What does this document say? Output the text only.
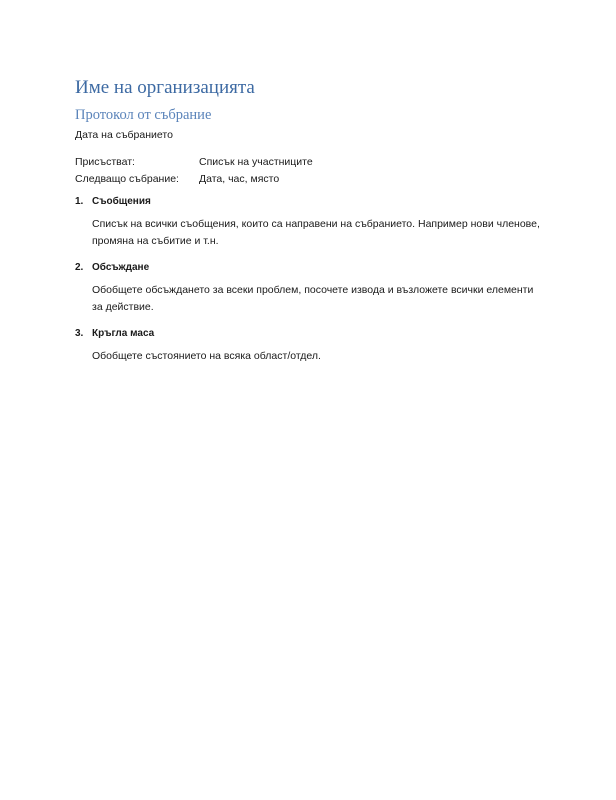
Име на организацията
Протокол от събрание
Дата на събранието
Присъстват:	Списък на участниците
Следващо събрание:	Дата, час, място
1. Съобщения
Списък на всички съобщения, които са направени на събранието. Например нови членове, промяна на събитие и т.н.
2. Обсъждане
Обобщете обсъждането за всеки проблем, посочете извода и възложете всички елементи за действие.
3. Кръгла маса
Обобщете състоянието на всяка област/отдел.
